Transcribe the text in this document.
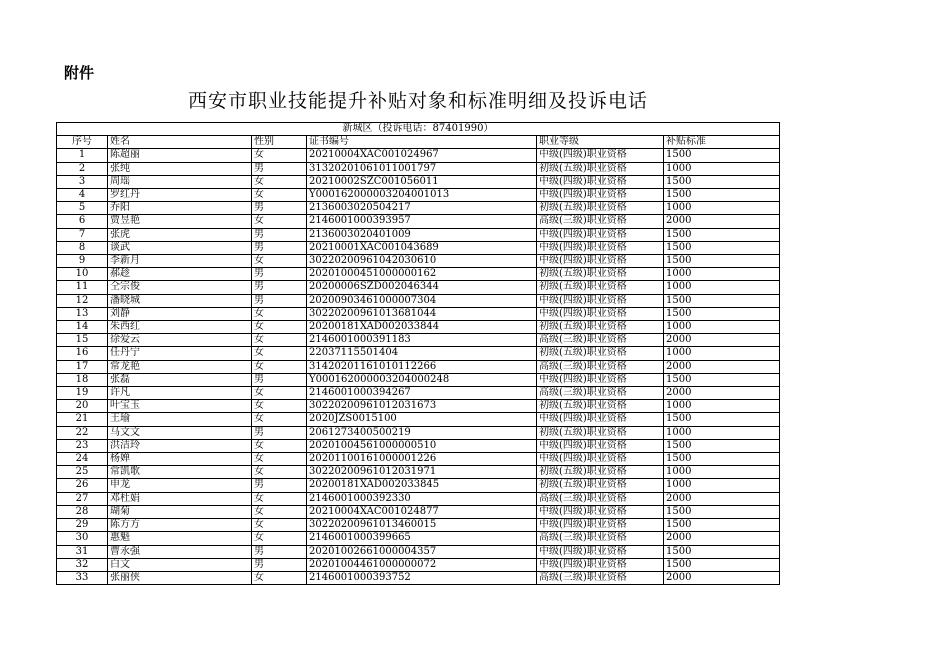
附件
西安市职业技能提升补贴对象和标准明细及投诉电话
新城区（投诉电话：87401990）					
序号	姓名	性别	证书编号	职业等级	补贴标准
1	陈超丽	女	20210004XAC001024967	中级(四级)职业资格	1500
2	张纯	男	31320201061011001797	初级(五级)职业资格	1000
3	周瑶	女	20210002SZC001056011	中级(四级)职业资格	1500
4	罗红丹	女	Y000162000003204001013	中级(四级)职业资格	1500
5	乔阳	男	2136003020504217	初级(五级)职业资格	1000
6	贾昱艳	女	2146001000393957	高级(三级)职业资格	2000
7	张虎	男	2136003020401009	中级(四级)职业资格	1500
8	谈武	男	20210001XAC001043689	中级(四级)职业资格	1500
9	李新月	女	30220200961042030610	中级(四级)职业资格	1500
10	郝趁	男	20201000451000000162	初级(五级)职业资格	1000
11	仝宗俊	男	20200006SZD002046344	初级(五级)职业资格	1000
12	潘晓城	男	20200903461000007304	中级(四级)职业资格	1500
13	刘静	女	30220200961013681044	中级(四级)职业资格	1500
14	朱西红	女	20200181XAD002033844	初级(五级)职业资格	1000
15	徐爱云	女	2146001000391183	高级(三级)职业资格	2000
16	任丹宁	女	22037115501404	初级(五级)职业资格	1000
17	常龙艳	女	31420201161010112266	高级(三级)职业资格	2000
18	张磊	男	Y000162000003204000248	中级(四级)职业资格	1500
19	许凡	女	2146001000394267	高级(三级)职业资格	2000
20	叶宝玉	女	30220200961012031673	初级(五级)职业资格	1000
21	王瑜	女	2020JZS0015100	中级(四级)职业资格	1500
22	马文文	男	2061273400500219	初级(五级)职业资格	1000
23	洪洁玲	女	20201004561000000510	中级(四级)职业资格	1500
24	杨婵	女	20201100161000001226	中级(四级)职业资格	1500
25	常凯歌	女	30220200961012031971	初级(五级)职业资格	1000
26	申龙	男	20200181XAD002033845	初级(五级)职业资格	1000
27	邓杜娟	女	2146001000392330	高级(三级)职业资格	2000
28	瑚菊	女	20210004XAC001024877	中级(四级)职业资格	1500
29	陈方方	女	30220200961013460015	中级(四级)职业资格	1500
30	惠魁	女	2146001000399665	高级(三级)职业资格	2000
31	曹永强	男	20201002661000004357	中级(四级)职业资格	1500
32	白文	男	20201004461000000072	中级(四级)职业资格	1500
33	张丽侠	女	2146001000393752	高级(三级)职业资格	2000
